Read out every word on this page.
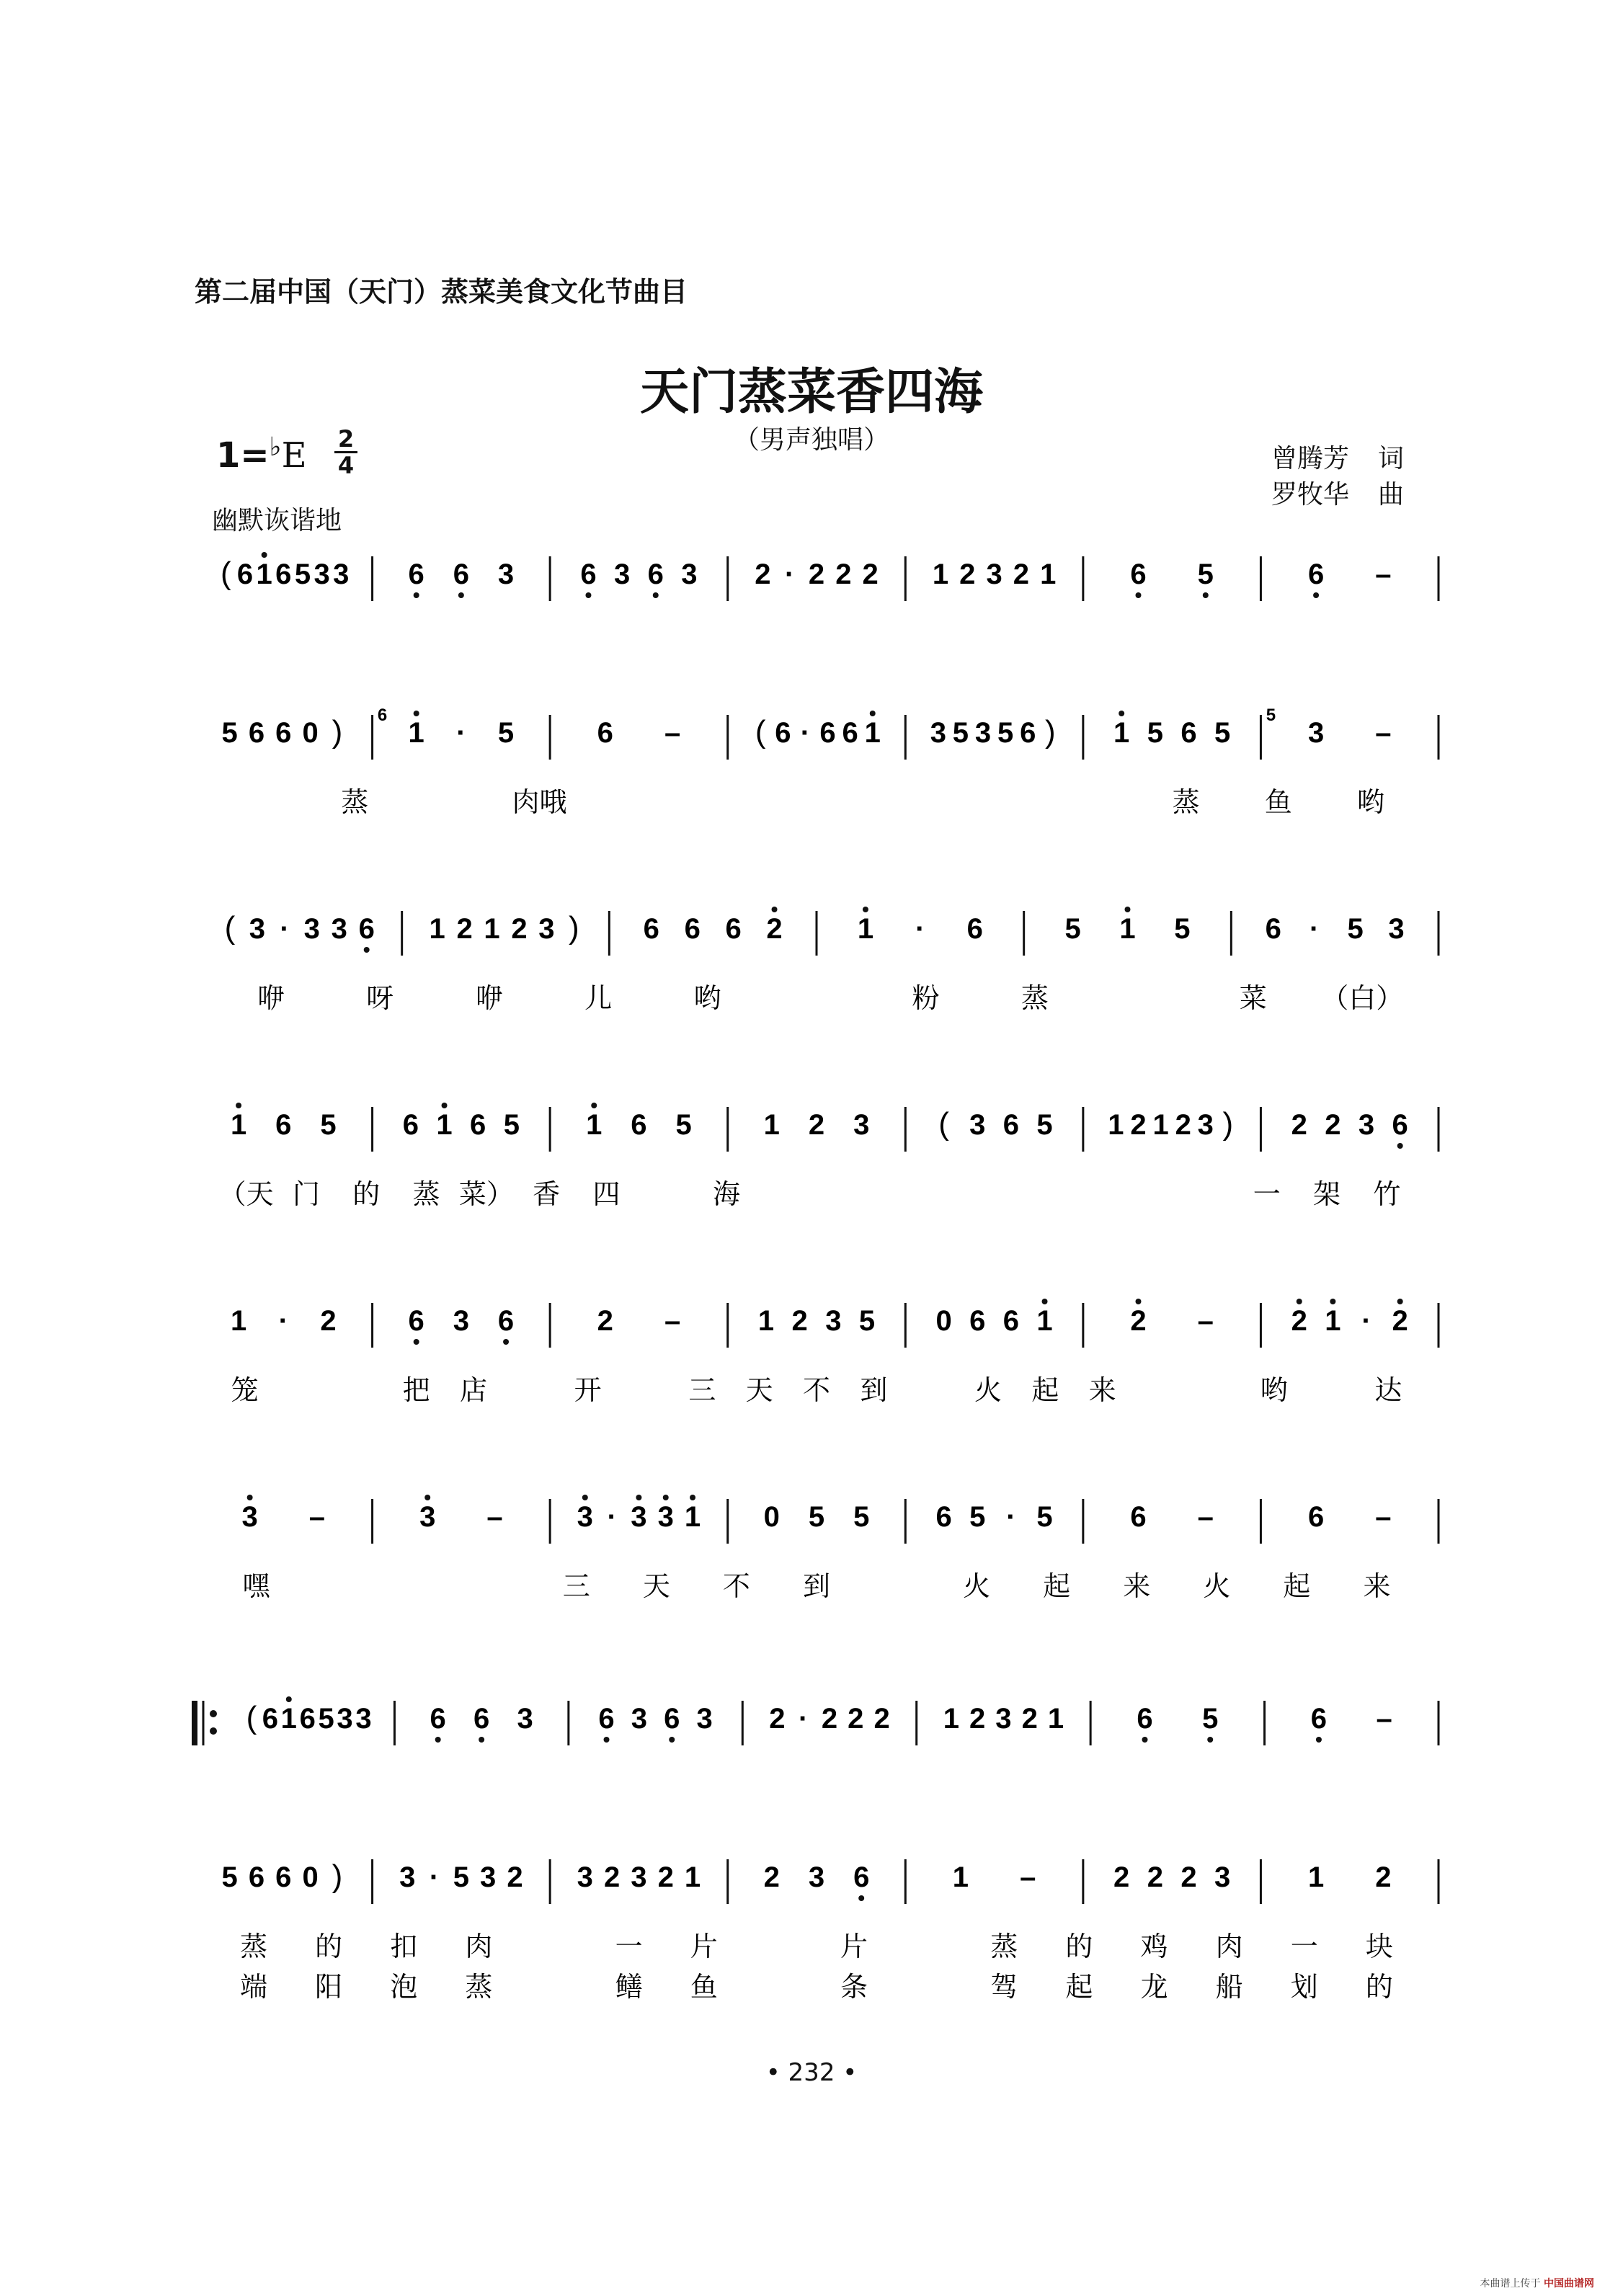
第二届中国（天门）蒸菜美食文化节曲目
天门蒸菜香四海
（男声独唱）
1=♭E 2
4
幽默诙谐地
曾腾芳 词
罗牧华 曲
( 6 1 6 5 3 3 6 6 3 6 3 6 3 2 · 2 2 2 1 2 3 2 1	6 5	6 –
5 6 6 0 ) 6
1 · 5	6 – ( 6 · 6 6 1 3 5 3 5 6 ) 1 5 6 5
5
3 –
蒸	肉哦	蒸 鱼 哟
( 3 · 3 3 6 1 2 1 2 3 ) 6 6 6 2	1 · 6	5 1 5	6 · 5 3
咿	呀	咿	儿	哟	粉	蒸	菜 （白）
1 6 5 6 1 6 5 1 6 5 1 2 3 ( 3 6 5 1 2 1 2 3 ) 2 2 3 6
（天 门 的 蒸 菜） 香 四	海	一 架 竹
1 · 2 6 3 6	2 –	1 2 3 5 0 6 6 1	2 –	2 1 · 2
笼	把 店	开	三 天 不 到	火 起 来	哟	达
3 –	3 –	3 · 3 3 1 0 5 5 6 5 · 5	6 –	6 –
嘿	三 天 不 到	火 起 来 火 起 来
( 6 1 6 5 3 3 6 6 3 6 3 6 3 2 · 2 2 2 1 2 3 2 1	6 5	6 –
5 6 6 0 ) 3 · 5 3 2 3 2 3 2 1 2 3 6	1 –	2 2 2 3	1 2
蒸 的 扣 肉	一 片	片	蒸 的 鸡 肉 一 块
端 阳 泡 蒸	鳝 鱼	条	驾 起 龙 船 划 的
• 232 •
本曲谱上传于 中国曲谱网
